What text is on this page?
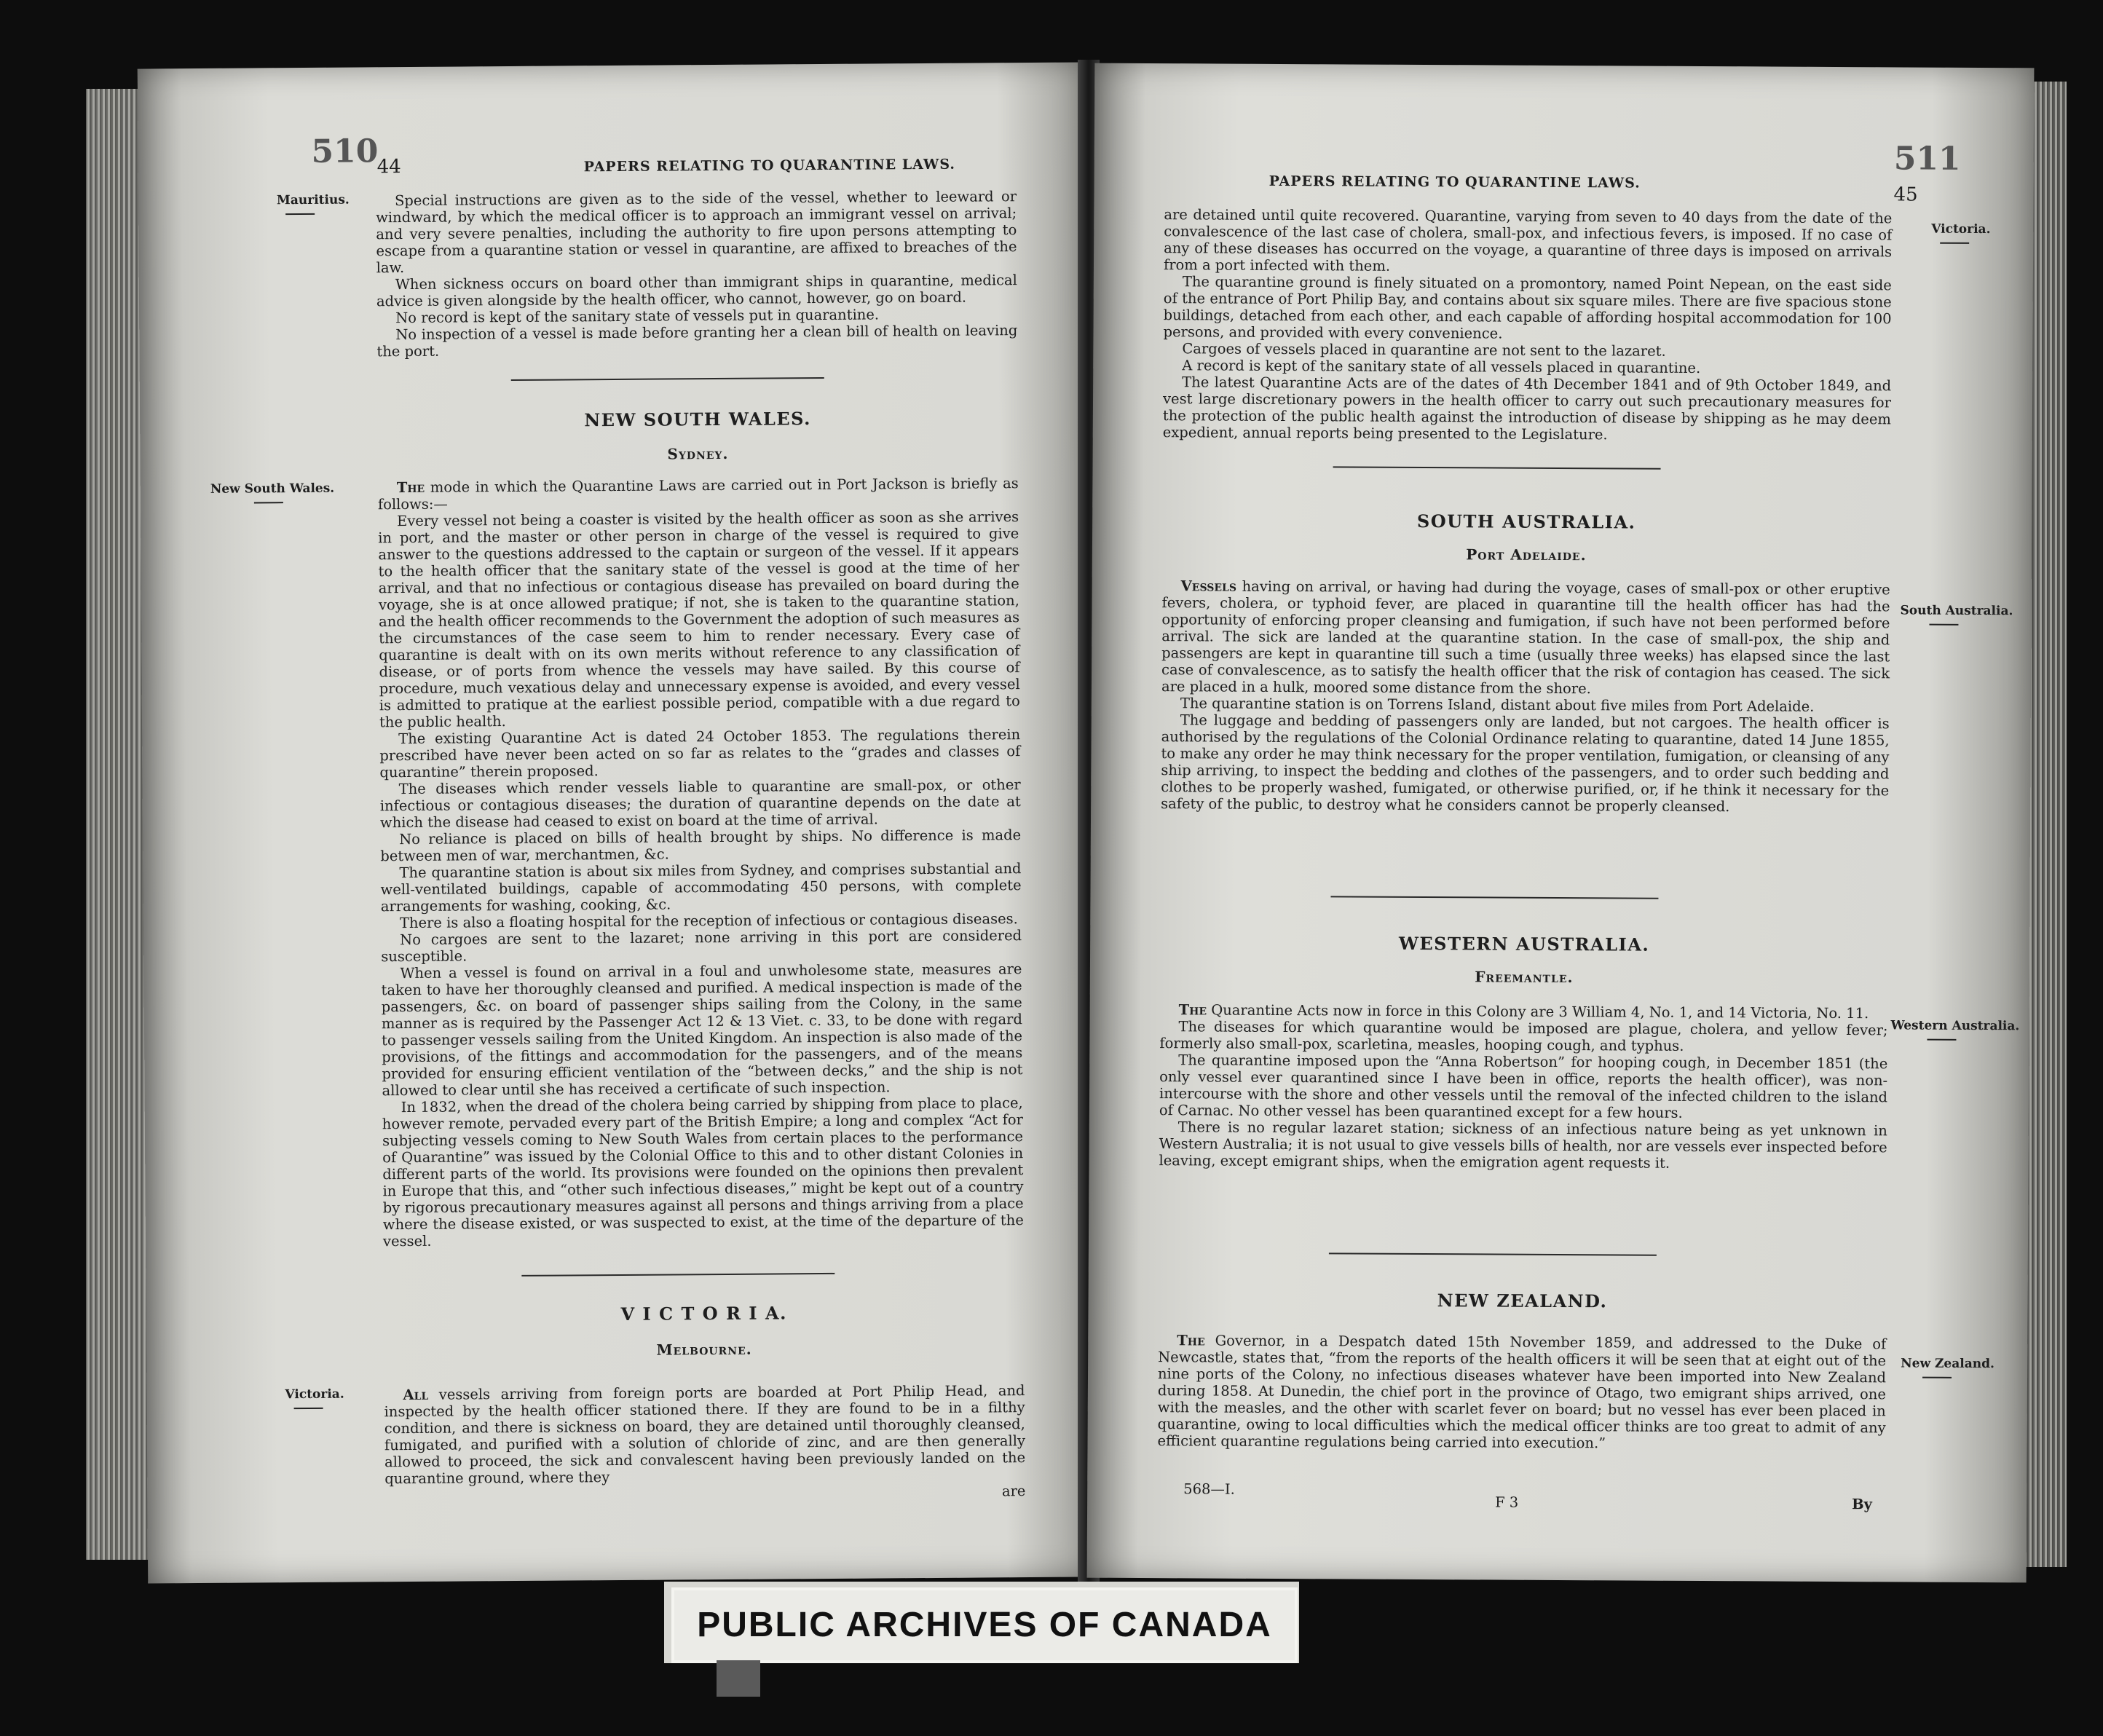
510
44	PAPERS RELATING TO QUARANTINE LAWS.
Mauritius.	Special instructions are given as to the side of the vessel, whether to leeward or windward, by which the medical officer is to approach an immigrant vessel on arrival; and very severe penalties, including the authority to fire upon persons attempting to escape from a quarantine station or vessel in quarantine, are affixed to breaches of the law.

When sickness occurs on board other than immigrant ships in quarantine, medical advice is given alongside by the health officer, who cannot, however, go on board.

No record is kept of the sanitary state of vessels put in quarantine.

No inspection of a vessel is made before granting her a clean bill of health on leaving the port.

NEW SOUTH WALES.
Sydney.
New South Wales.	The mode in which the Quarantine Laws are carried out in Port Jackson is briefly as follows:—

Every vessel not being a coaster is visited by the health officer as soon as she arrives in port, and the master or other person in charge of the vessel is required to give answer to the questions addressed to the captain or surgeon of the vessel. If it appears to the health officer that the sanitary state of the vessel is good at the time of her arrival, and that no infectious or contagious disease has prevailed on board during the voyage, she is at once allowed pratique; if not, she is taken to the quarantine station, and the health officer recommends to the Government the adoption of such measures as the circumstances of the case seem to him to render necessary. Every case of quarantine is dealt with on its own merits without reference to any classification of disease, or of ports from whence the vessels may have sailed. By this course of procedure, much vexatious delay and unnecessary expense is avoided, and every vessel is admitted to pratique at the earliest possible period, compatible with a due regard to the public health.

The existing Quarantine Act is dated 24 October 1853. The regulations therein prescribed have never been acted on so far as relates to the “grades and classes of quarantine” therein proposed.

The diseases which render vessels liable to quarantine are small-pox, or other infectious or contagious diseases; the duration of quarantine depends on the date at which the disease had ceased to exist on board at the time of arrival.

No reliance is placed on bills of health brought by ships. No difference is made between men of war, merchantmen, &c.

The quarantine station is about six miles from Sydney, and comprises substantial and well-ventilated buildings, capable of accommodating 450 persons, with complete arrangements for washing, cooking, &c.

There is also a floating hospital for the reception of infectious or contagious diseases.

No cargoes are sent to the lazaret; none arriving in this port are considered susceptible.

When a vessel is found on arrival in a foul and unwholesome state, measures are taken to have her thoroughly cleansed and purified. A medical inspection is made of the passengers, &c. on board of passenger ships sailing from the Colony, in the same manner as is required by the Passenger Act 12 & 13 Viet. c. 33, to be done with regard to passenger vessels sailing from the United Kingdom. An inspection is also made of the provisions, of the fittings and accommodation for the passengers, and of the means provided for ensuring efficient ventilation of the “between decks,” and the ship is not allowed to clear until she has received a certificate of such inspection.

In 1832, when the dread of the cholera being carried by shipping from place to place, however remote, pervaded every part of the British Empire; a long and complex “Act for subjecting vessels coming to New South Wales from certain places to the performance of Quarantine” was issued by the Colonial Office to this and to other distant Colonies in different parts of the world. Its provisions were founded on the opinions then prevalent in Europe that this, and “other such infectious diseases,” might be kept out of a country by rigorous precautionary measures against all persons and things arriving from a place where the disease existed, or was suspected to exist, at the time of the departure of the vessel.

V I C T O R I A.
Melbourne.
Victoria.	All vessels arriving from foreign ports are boarded at Port Philip Head, and inspected by the health officer stationed there. If they are found to be in a filthy condition, and there is sickness on board, they are detained until thoroughly cleansed, fumigated, and purified with a solution of chloride of zinc, and are then generally allowed to proceed, the sick and convalescent having been previously landed on the quarantine ground, where they

are

PAPERS RELATING TO QUARANTINE LAWS.
511
45
Victoria.

are detained until quite recovered. Quarantine, varying from seven to 40 days from the date of the convalescence of the last case of cholera, small-pox, and infectious fevers, is imposed. If no case of any of these diseases has occurred on the voyage, a quarantine of three days is imposed on arrivals from a port infected with them.

The quarantine ground is finely situated on a promontory, named Point Nepean, on the east side of the entrance of Port Philip Bay, and contains about six square miles. There are five spacious stone buildings, detached from each other, and each capable of affording hospital accommodation for 100 persons, and provided with every convenience.

Cargoes of vessels placed in quarantine are not sent to the lazaret.

A record is kept of the sanitary state of all vessels placed in quarantine.

The latest Quarantine Acts are of the dates of 4th December 1841 and of 9th October 1849, and vest large discretionary powers in the health officer to carry out such precautionary measures for the protection of the public health against the introduction of disease by shipping as he may deem expedient, annual reports being presented to the Legislature.

SOUTH AUSTRALIA.
Port Adelaide.
South Australia.

Vessels having on arrival, or having had during the voyage, cases of small-pox or other eruptive fevers, cholera, or typhoid fever, are placed in quarantine till the health officer has had the opportunity of enforcing proper cleansing and fumigation, if such have not been performed before arrival. The sick are landed at the quarantine station. In the case of small-pox, the ship and passengers are kept in quarantine till such a time (usually three weeks) has elapsed since the last case of convalescence, as to satisfy the health officer that the risk of contagion has ceased. The sick are placed in a hulk, moored some distance from the shore.

The quarantine station is on Torrens Island, distant about five miles from Port Adelaide.

The luggage and bedding of passengers only are landed, but not cargoes. The health officer is authorised by the regulations of the Colonial Ordinance relating to quarantine, dated 14 June 1855, to make any order he may think necessary for the proper ventilation, fumigation, or cleansing of any ship arriving, to inspect the bedding and clothes of the passengers, and to order such bedding and clothes to be properly washed, fumigated, or otherwise purified, or, if he think it necessary for the safety of the public, to destroy what he considers cannot be properly cleansed.

WESTERN AUSTRALIA.
Freemantle.
Western Australia.

The Quarantine Acts now in force in this Colony are 3 William 4, No. 1, and 14 Victoria, No. 11.

The diseases for which quarantine would be imposed are plague, cholera, and yellow fever; formerly also small-pox, scarletina, measles, hooping cough, and typhus.

The quarantine imposed upon the “Anna Robertson” for hooping cough, in December 1851 (the only vessel ever quarantined since I have been in office, reports the health officer), was non-intercourse with the shore and other vessels until the removal of the infected children to the island of Carnac. No other vessel has been quarantined except for a few hours.

There is no regular lazaret station; sickness of an infectious nature being as yet unknown in Western Australia; it is not usual to give vessels bills of health, nor are vessels ever inspected before leaving, except emigrant ships, when the emigration agent requests it.

NEW ZEALAND.
New Zealand.

The Governor, in a Despatch dated 15th November 1859, and addressed to the Duke of Newcastle, states that, “from the reports of the health officers it will be seen that at eight out of the nine ports of the Colony, no infectious diseases whatever have been imported into New Zealand during 1858. At Dunedin, the chief port in the province of Otago, two emigrant ships arrived, one with the measles, and the other with scarlet fever on board; but no vessel has ever been placed in quarantine, owing to local difficulties which the medical officer thinks are too great to admit of any efficient quarantine regulations being carried into execution.”

568—I.

F 3	By

PUBLIC ARCHIVES OF CANADA
